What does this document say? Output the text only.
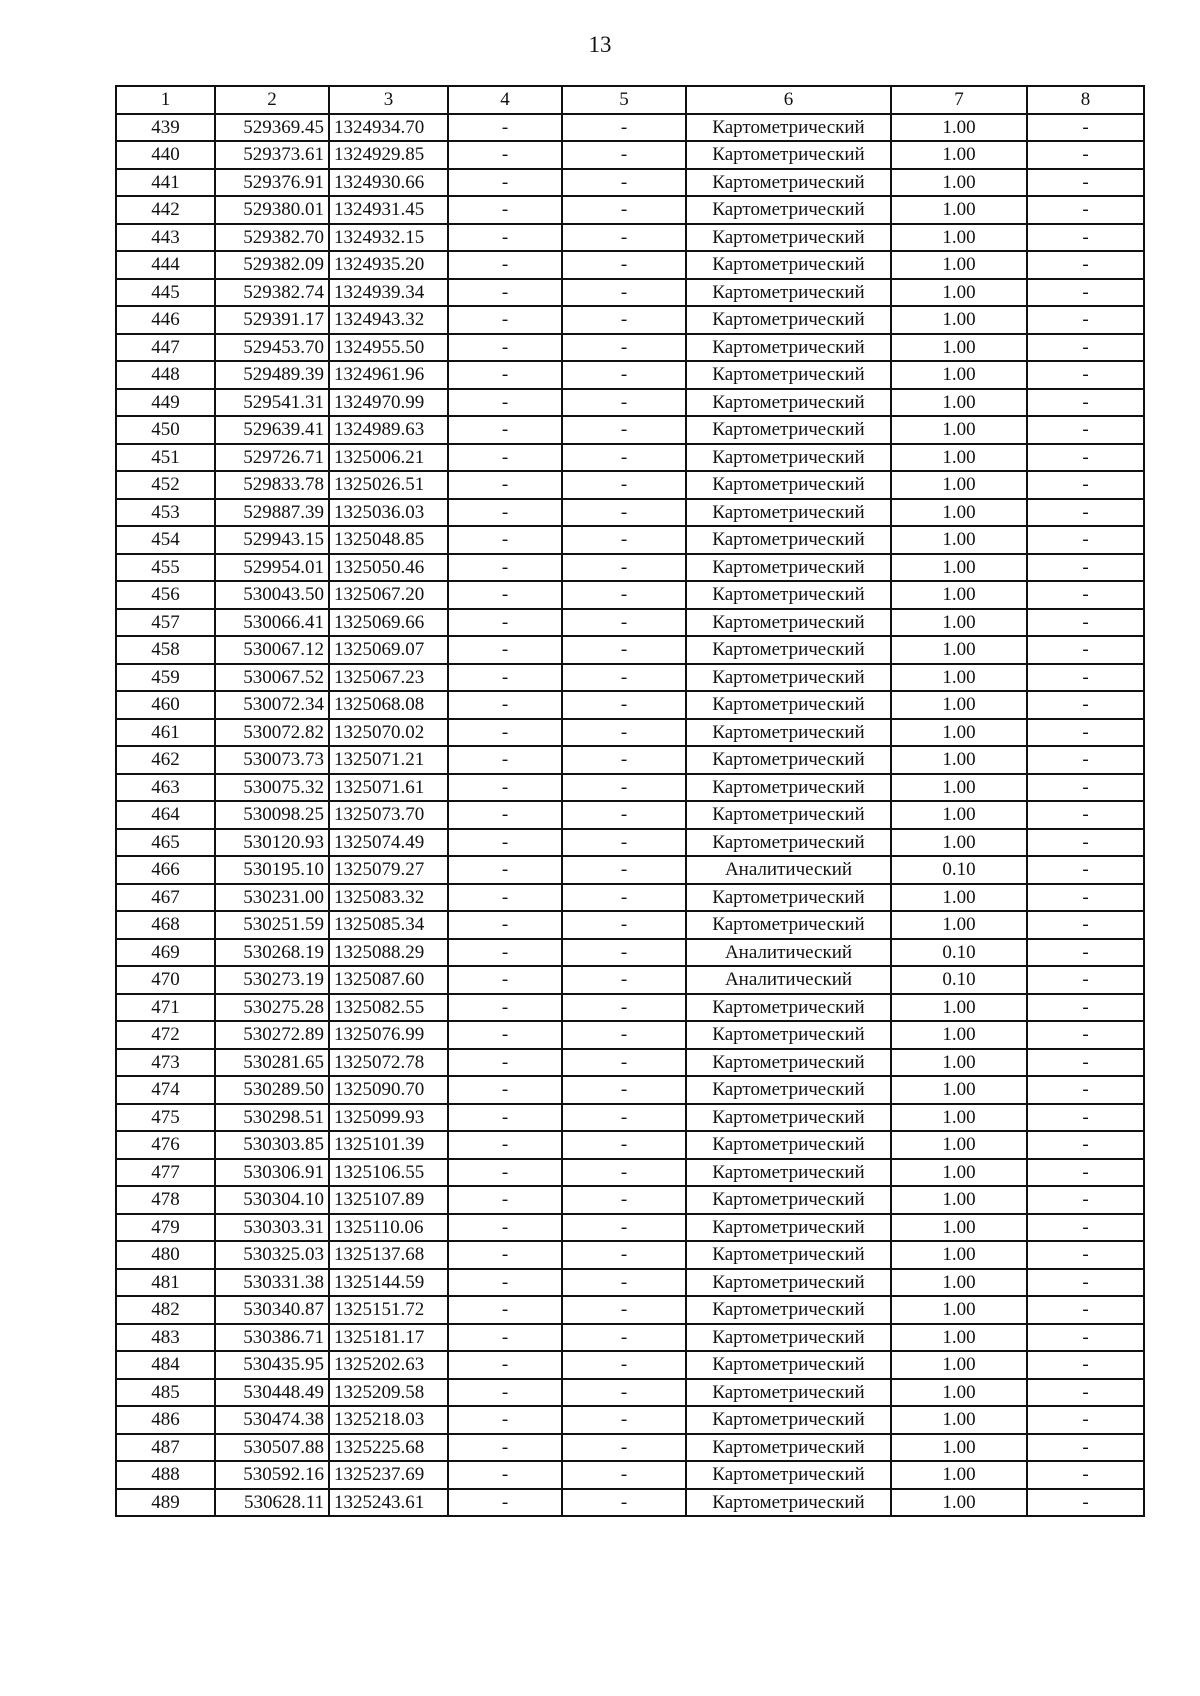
13
1	2	3	4	5	6	7	8
439	529369.45	1324934.70	-	-	Картометрический	1.00	-
440	529373.61	1324929.85	-	-	Картометрический	1.00	-
441	529376.91	1324930.66	-	-	Картометрический	1.00	-
442	529380.01	1324931.45	-	-	Картометрический	1.00	-
443	529382.70	1324932.15	-	-	Картометрический	1.00	-
444	529382.09	1324935.20	-	-	Картометрический	1.00	-
445	529382.74	1324939.34	-	-	Картометрический	1.00	-
446	529391.17	1324943.32	-	-	Картометрический	1.00	-
447	529453.70	1324955.50	-	-	Картометрический	1.00	-
448	529489.39	1324961.96	-	-	Картометрический	1.00	-
449	529541.31	1324970.99	-	-	Картометрический	1.00	-
450	529639.41	1324989.63	-	-	Картометрический	1.00	-
451	529726.71	1325006.21	-	-	Картометрический	1.00	-
452	529833.78	1325026.51	-	-	Картометрический	1.00	-
453	529887.39	1325036.03	-	-	Картометрический	1.00	-
454	529943.15	1325048.85	-	-	Картометрический	1.00	-
455	529954.01	1325050.46	-	-	Картометрический	1.00	-
456	530043.50	1325067.20	-	-	Картометрический	1.00	-
457	530066.41	1325069.66	-	-	Картометрический	1.00	-
458	530067.12	1325069.07	-	-	Картометрический	1.00	-
459	530067.52	1325067.23	-	-	Картометрический	1.00	-
460	530072.34	1325068.08	-	-	Картометрический	1.00	-
461	530072.82	1325070.02	-	-	Картометрический	1.00	-
462	530073.73	1325071.21	-	-	Картометрический	1.00	-
463	530075.32	1325071.61	-	-	Картометрический	1.00	-
464	530098.25	1325073.70	-	-	Картометрический	1.00	-
465	530120.93	1325074.49	-	-	Картометрический	1.00	-
466	530195.10	1325079.27	-	-	Аналитический	0.10	-
467	530231.00	1325083.32	-	-	Картометрический	1.00	-
468	530251.59	1325085.34	-	-	Картометрический	1.00	-
469	530268.19	1325088.29	-	-	Аналитический	0.10	-
470	530273.19	1325087.60	-	-	Аналитический	0.10	-
471	530275.28	1325082.55	-	-	Картометрический	1.00	-
472	530272.89	1325076.99	-	-	Картометрический	1.00	-
473	530281.65	1325072.78	-	-	Картометрический	1.00	-
474	530289.50	1325090.70	-	-	Картометрический	1.00	-
475	530298.51	1325099.93	-	-	Картометрический	1.00	-
476	530303.85	1325101.39	-	-	Картометрический	1.00	-
477	530306.91	1325106.55	-	-	Картометрический	1.00	-
478	530304.10	1325107.89	-	-	Картометрический	1.00	-
479	530303.31	1325110.06	-	-	Картометрический	1.00	-
480	530325.03	1325137.68	-	-	Картометрический	1.00	-
481	530331.38	1325144.59	-	-	Картометрический	1.00	-
482	530340.87	1325151.72	-	-	Картометрический	1.00	-
483	530386.71	1325181.17	-	-	Картометрический	1.00	-
484	530435.95	1325202.63	-	-	Картометрический	1.00	-
485	530448.49	1325209.58	-	-	Картометрический	1.00	-
486	530474.38	1325218.03	-	-	Картометрический	1.00	-
487	530507.88	1325225.68	-	-	Картометрический	1.00	-
488	530592.16	1325237.69	-	-	Картометрический	1.00	-
489	530628.11	1325243.61	-	-	Картометрический	1.00	-
